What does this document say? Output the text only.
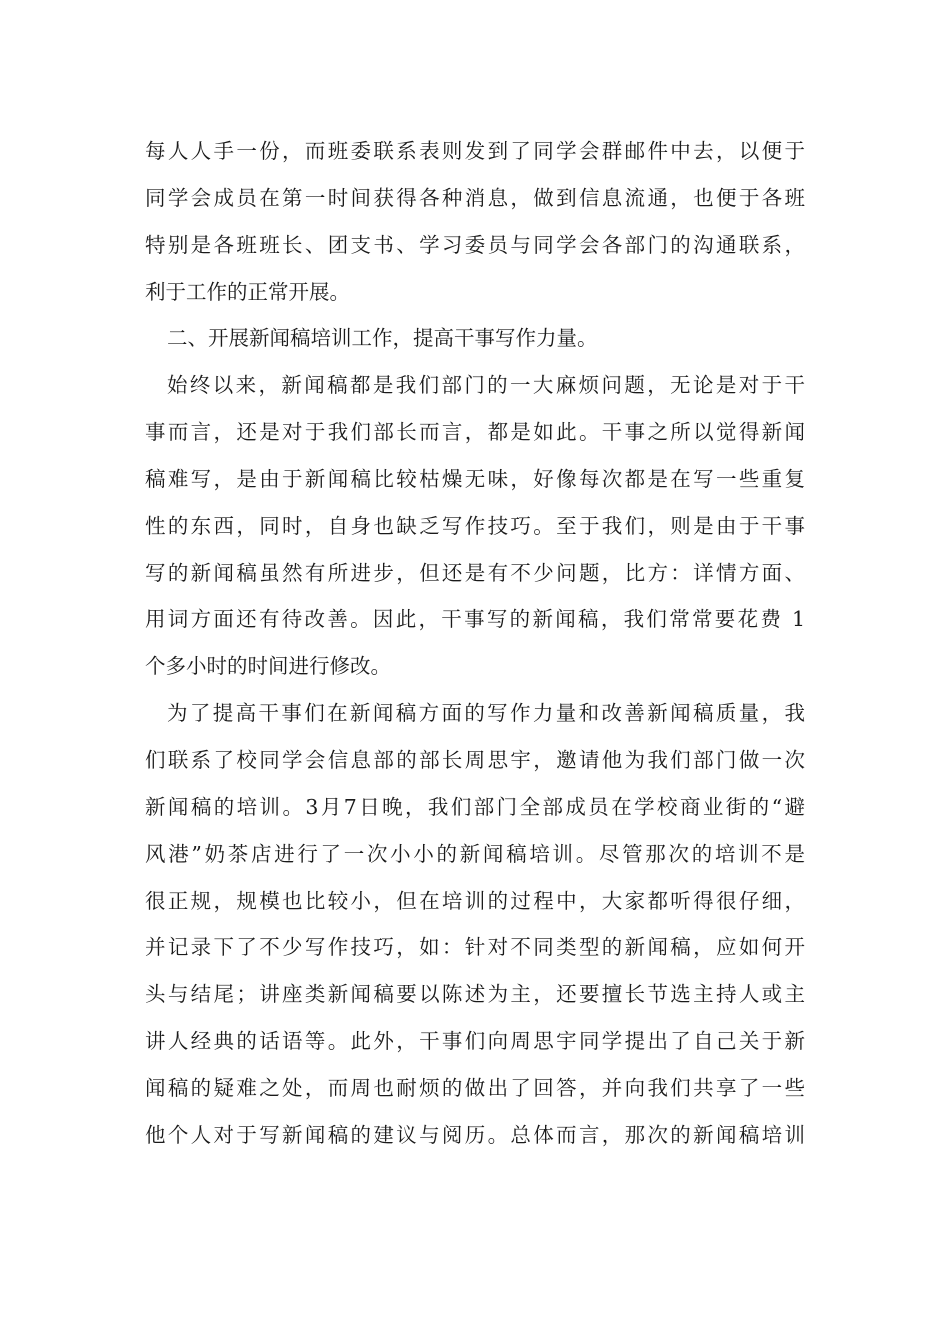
每人人手一份，而班委联系表则发到了同学会群邮件中去，以便于
同学会成员在第一时间获得各种消息，做到信息流通，也便于各班
特别是各班班长、团支书、学习委员与同学会各部门的沟通联系，
利于工作的正常开展。
二、开展新闻稿培训工作，提高干事写作力量。
始终以来，新闻稿都是我们部门的一大麻烦问题，无论是对于干
事而言，还是对于我们部长而言，都是如此。干事之所以觉得新闻
稿难写，是由于新闻稿比较枯燥无味，好像每次都是在写一些重复
性的东西，同时，自身也缺乏写作技巧。至于我们，则是由于干事
写的新闻稿虽然有所进步，但还是有不少问题，比方：详情方面、
用词方面还有待改善。因此，干事写的新闻稿，我们常常要花费 1
个多小时的时间进行修改。
为了提高干事们在新闻稿方面的写作力量和改善新闻稿质量，我
们联系了校同学会信息部的部长周思宇，邀请他为我们部门做一次
新闻稿的培训。3月7日晚，我们部门全部成员在学校商业街的“避
风港”奶茶店进行了一次小小的新闻稿培训。尽管那次的培训不是
很正规，规模也比较小，但在培训的过程中，大家都听得很仔细，
并记录下了不少写作技巧，如：针对不同类型的新闻稿，应如何开
头与结尾；讲座类新闻稿要以陈述为主，还要擅长节选主持人或主
讲人经典的话语等。此外，干事们向周思宇同学提出了自己关于新
闻稿的疑难之处，而周也耐烦的做出了回答，并向我们共享了一些
他个人对于写新闻稿的建议与阅历。总体而言，那次的新闻稿培训
